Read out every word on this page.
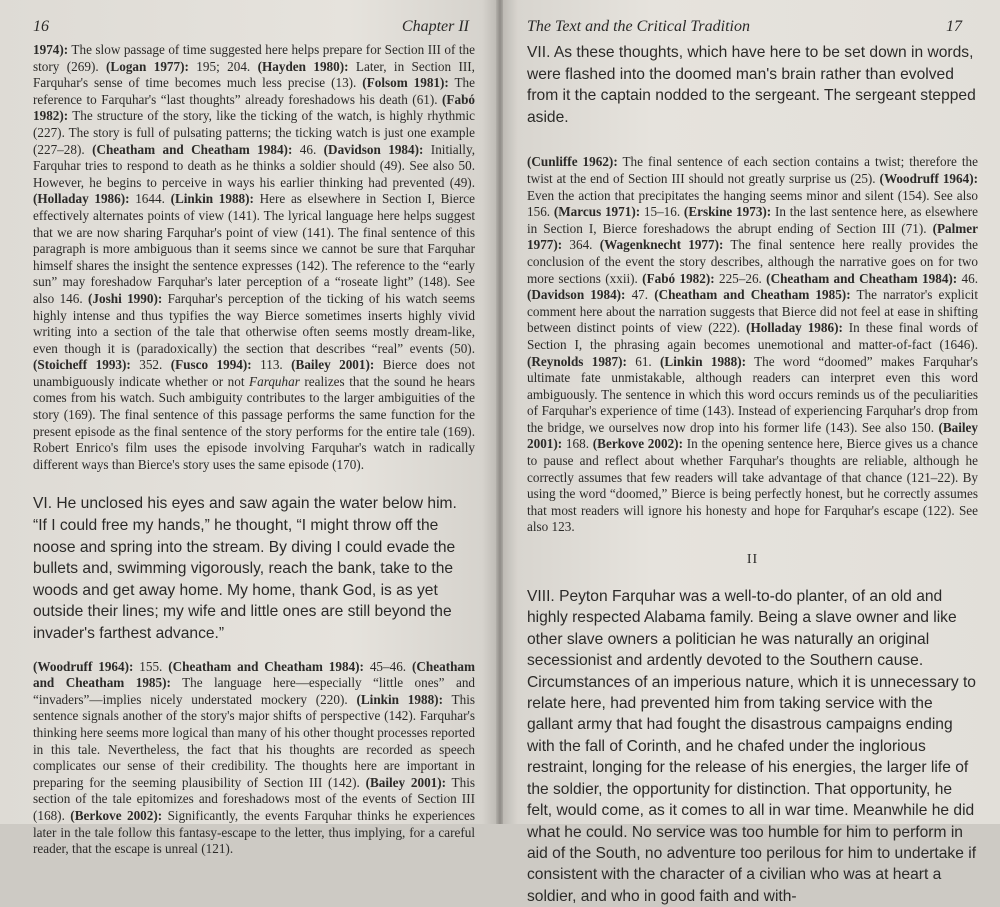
16	Chapter II

1974): The slow passage of time suggested here helps prepare for Section III of the story (269). (Logan 1977): 195; 204. (Hayden 1980): Later, in Section III, Farquhar's sense of time becomes much less precise (13). (Folsom 1981): The reference to Farquhar's “last thoughts” already foreshadows his death (61). (Fabó 1982): The structure of the story, like the ticking of the watch, is highly rhythmic (227). The story is full of pulsating patterns; the ticking watch is just one example (227–28). (Cheatham and Cheatham 1984): 46. (Davidson 1984): Initially, Farquhar tries to respond to death as he thinks a soldier should (49). See also 50. However, he begins to perceive in ways his earlier thinking had prevented (49). (Holladay 1986): 1644. (Linkin 1988): Here as elsewhere in Section I, Bierce effectively alternates points of view (141). The lyrical language here helps suggest that we are now sharing Farquhar's point of view (141). The final sentence of this paragraph is more ambiguous than it seems since we cannot be sure that Farquhar himself shares the insight the sentence expresses (142). The reference to the “early sun” may foreshadow Farquhar's later perception of a “roseate light” (148). See also 146. (Joshi 1990): Farquhar's perception of the ticking of his watch seems highly intense and thus typifies the way Bierce sometimes inserts highly vivid writing into a section of the tale that otherwise often seems mostly dream-like, even though it is (paradoxically) the section that describes “real” events (50). (Stoicheff 1993): 352. (Fusco 1994): 113. (Bailey 2001): Bierce does not unambiguously indicate whether or not Farquhar realizes that the sound he hears comes from his watch. Such ambiguity contributes to the larger ambiguities of the story (169). The final sentence of this passage performs the same function for the present episode as the final sentence of the story performs for the entire tale (169). Robert Enrico's film uses the episode involving Farquhar's watch in radically different ways than Bierce's story uses the same episode (170).

VI. He unclosed his eyes and saw again the water below him. “If I could free my hands,” he thought, “I might throw off the noose and spring into the stream. By diving I could evade the bullets and, swimming vigorously, reach the bank, take to the woods and get away home. My home, thank God, is as yet outside their lines; my wife and little ones are still beyond the invader's farthest advance.”

(Woodruff 1964): 155. (Cheatham and Cheatham 1984): 45–46. (Cheatham and Cheatham 1985): The language here—especially “little ones” and “invaders”—implies nicely understated mockery (220). (Linkin 1988): This sentence signals another of the story's major shifts of perspective (142). Farquhar's thinking here seems more logical than many of his other thought processes reported in this tale. Nevertheless, the fact that his thoughts are recorded as speech complicates our sense of their credibility. The thoughts here are important in preparing for the seeming plausibility of Section III (142). (Bailey 2001): This section of the tale epitomizes and foreshadows most of the events of Section III (168). (Berkove 2002): Significantly, the events Farquhar thinks he experiences later in the tale follow this fantasy-escape to the letter, thus implying, for a careful reader, that the escape is unreal (121).

The Text and the Critical Tradition	17

VII. As these thoughts, which have here to be set down in words, were flashed into the doomed man's brain rather than evolved from it the captain nodded to the sergeant. The sergeant stepped aside.

(Cunliffe 1962): The final sentence of each section contains a twist; therefore the twist at the end of Section III should not greatly surprise us (25). (Woodruff 1964): Even the action that precipitates the hanging seems minor and silent (154). See also 156. (Marcus 1971): 15–16. (Erskine 1973): In the last sentence here, as elsewhere in Section I, Bierce foreshadows the abrupt ending of Section III (71). (Palmer 1977): 364. (Wagenknecht 1977): The final sentence here really provides the conclusion of the event the story describes, although the narrative goes on for two more sections (xxii). (Fabó 1982): 225–26. (Cheatham and Cheatham 1984): 46. (Davidson 1984): 47. (Cheatham and Cheatham 1985): The narrator's explicit comment here about the narration suggests that Bierce did not feel at ease in shifting between distinct points of view (222). (Holladay 1986): In these final words of Section I, the phrasing again becomes unemotional and matter-of-fact (1646). (Reynolds 1987): 61. (Linkin 1988): The word “doomed” makes Farquhar's ultimate fate unmistakable, although readers can interpret even this word ambiguously. The sentence in which this word occurs reminds us of the peculiarities of Farquhar's experience of time (143). Instead of experiencing Farquhar's drop from the bridge, we ourselves now drop into his former life (143). See also 150. (Bailey 2001): 168. (Berkove 2002): In the opening sentence here, Bierce gives us a chance to pause and reflect about whether Farquhar's thoughts are reliable, although he correctly assumes that few readers will take advantage of that chance (121–22). By using the word “doomed,” Bierce is being perfectly honest, but he correctly assumes that most readers will ignore his honesty and hope for Farquhar's escape (122). See also 123.

II

VIII. Peyton Farquhar was a well-to-do planter, of an old and highly respected Alabama family. Being a slave owner and like other slave owners a politician he was naturally an original secessionist and ardently devoted to the Southern cause. Circumstances of an imperious nature, which it is unnecessary to relate here, had prevented him from taking service with the gallant army that had fought the disastrous campaigns ending with the fall of Corinth, and he chafed under the inglorious restraint, longing for the release of his energies, the larger life of the soldier, the opportunity for distinction. That opportunity, he felt, would come, as it comes to all in war time. Meanwhile he did what he could. No service was too humble for him to perform in aid of the South, no adventure too perilous for him to undertake if consistent with the character of a civilian who was at heart a soldier, and who in good faith and with-
